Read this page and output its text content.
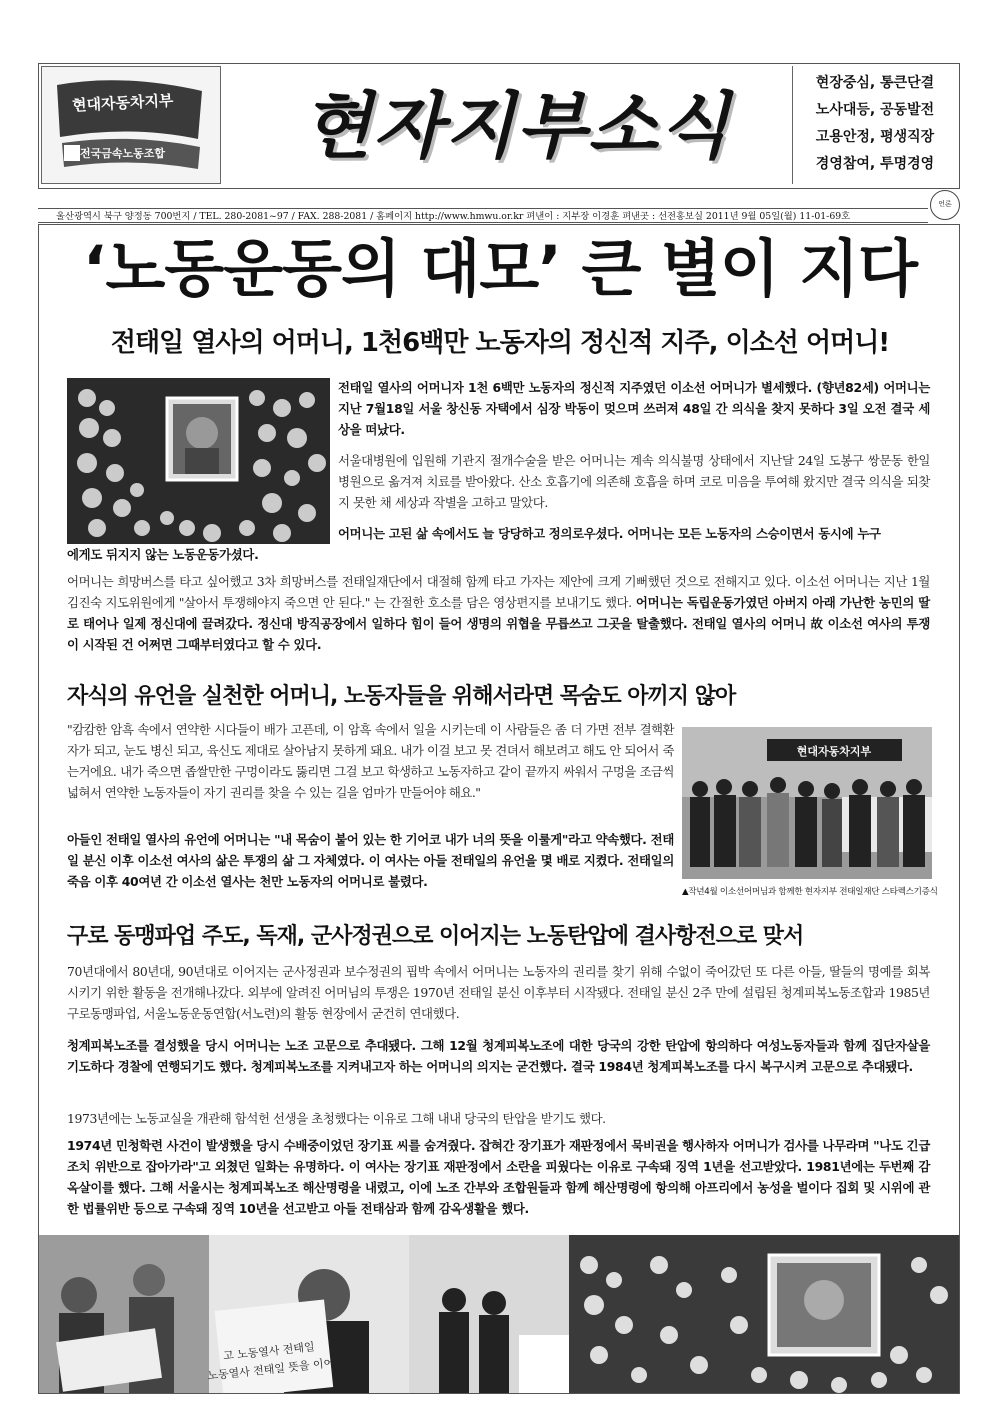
현대자동차지부
전국금속노동조합	현자지부소식
현장중심, 통큰단결
노사대등, 공동발전
고용안정, 평생직장
경영참여, 투명경영
울산광역시 북구 양정동 700번지 / TEL. 280-2081~97 / FAX. 288-2081 / 홈페이지 http://www.hmwu.or.kr 펴낸이 : 지부장 이경훈 펴낸곳 : 선전홍보실 2011년 9월 05일(월) 11-01-69호
언론
‘노동운동의 대모’ 큰 별이 지다
전태일 열사의 어머니, 1천6백만 노동자의 정신적 지주, 이소선 어머니!
전태일 열사의 어머니자 1천 6백만 노동자의 정신적 지주였던 이소선 어머니가 별세했다. (향년82세) 어머니는 지난 7월18일 서울 창신동 자택에서 심장 박동이 멎으며 쓰러져 48일 간 의식을 찾지 못하다 3일 오전 결국 세상을 떠났다.
서울대병원에 입원해 기관지 절개수술을 받은 어머니는 계속 의식불명 상태에서 지난달 24일 도봉구 쌍문동 한일병원으로 옮겨져 치료를 받아왔다. 산소 호흡기에 의존해 호흡을 하며 코로 미음을 투여해 왔지만 결국 의식을 되찾지 못한 채 세상과 작별을 고하고 말았다.
어머니는 고된 삶 속에서도 늘 당당하고 정의로우셨다. 어머니는 모든 노동자의 스승이면서 동시에 누구
에게도 뒤지지 않는 노동운동가셨다.
어머니는 희망버스를 타고 싶어했고 3차 희망버스를 전태일재단에서 대절해 함께 타고 가자는 제안에 크게 기뻐했던 것으로 전해지고 있다. 이소선 어머니는 지난 1월 김진숙 지도위원에게 "살아서 투쟁해야지 죽으면 안 된다." 는 간절한 호소를 담은 영상편지를 보내기도 했다. 어머니는 독립운동가였던 아버지 아래 가난한 농민의 딸로 태어나 일제 정신대에 끌려갔다. 정신대 방직공장에서 일하다 힘이 들어 생명의 위협을 무릅쓰고 그곳을 탈출했다. 전태일 열사의 어머니 故 이소선 여사의 투쟁이 시작된 건 어쩌면 그때부터였다고 할 수 있다.
자식의 유언을 실천한 어머니, 노동자들을 위해서라면 목숨도 아끼지 않아
"캄캄한 암흑 속에서 연약한 시다들이 배가 고픈데, 이 암흑 속에서 일을 시키는데 이 사람들은 좀 더 가면 전부 결핵환자가 되고, 눈도 병신 되고, 육신도 제대로 살아남지 못하게 돼요. 내가 이걸 보고 못 견뎌서 해보려고 해도 안 되어서 죽는거에요. 내가 죽으면 좁쌀만한 구멍이라도 뚫리면 그걸 보고 학생하고 노동자하고 같이 끝까지 싸워서 구멍을 조금씩 넓혀서 연약한 노동자들이 자기 권리를 찾을 수 있는 길을 엄마가 만들어야 해요."
아들인 전태일 열사의 유언에 어머니는 "내 목숨이 붙어 있는 한 기어코 내가 너의 뜻을 이룰게"라고 약속했다. 전태일 분신 이후 이소선 여사의 삶은 투쟁의 삶 그 자체였다. 이 여사는 아들 전태일의 유언을 몇 배로 지켰다. 전태일의 죽음 이후 40여년 간 이소선 열사는 천만 노동자의 어머니로 불렸다.
현대자동차지부
▲작년4월 이소선어머님과 함께한 현자지부 전태일재단 스타렉스기증식
구로 동맹파업 주도, 독재, 군사정권으로 이어지는 노동탄압에 결사항전으로 맞서
70년대에서 80년대, 90년대로 이어지는 군사정권과 보수정권의 핍박 속에서 어머니는 노동자의 권리를 찾기 위해 수없이 죽어갔던 또 다른 아들, 딸들의 명예를 회복시키기 위한 활동을 전개해나갔다. 외부에 알려진 어머님의 투쟁은 1970년 전태일 분신 이후부터 시작됐다. 전태일 분신 2주 만에 설립된 청계피복노동조합과 1985년 구로동맹파업, 서울노동운동연합(서노련)의 활동 현장에서 굳건히 연대했다.
청계피복노조를 결성했을 당시 어머니는 노조 고문으로 추대됐다. 그해 12월 청계피복노조에 대한 당국의 강한 탄압에 항의하다 여성노동자들과 함께 집단자살을 기도하다 경찰에 연행되기도 했다. 청계피복노조를 지켜내고자 하는 어머니의 의지는 굳건했다. 결국 1984년 청계피복노조를 다시 복구시켜 고문으로 추대됐다.
1973년에는 노동교실을 개관해 함석헌 선생을 초청했다는 이유로 그해 내내 당국의 탄압을 받기도 했다.
1974년 민청학련 사건이 발생했을 당시 수배중이었던 장기표 씨를 숨겨줬다. 잡혀간 장기표가 재판정에서 묵비권을 행사하자 어머니가 검사를 나무라며 "나도 긴급조치 위반으로 잡아가라"고 외쳤던 일화는 유명하다. 이 여사는 장기표 재판정에서 소란을 피웠다는 이유로 구속돼 징역 1년을 선고받았다. 1981년에는 두번째 감옥살이를 했다. 그해 서울시는 청계피복노조 해산명령을 내렸고, 이에 노조 간부와 조합원들과 함께 해산명령에 항의해 아프리에서 농성을 벌이다 집회 및 시위에 관한 법률위반 등으로 구속돼 징역 10년을 선고받고 아들 전태삼과 함께 감옥생활을 했다.
고 노동열사 전태일
노동열사 전태일 뜻을 이어
